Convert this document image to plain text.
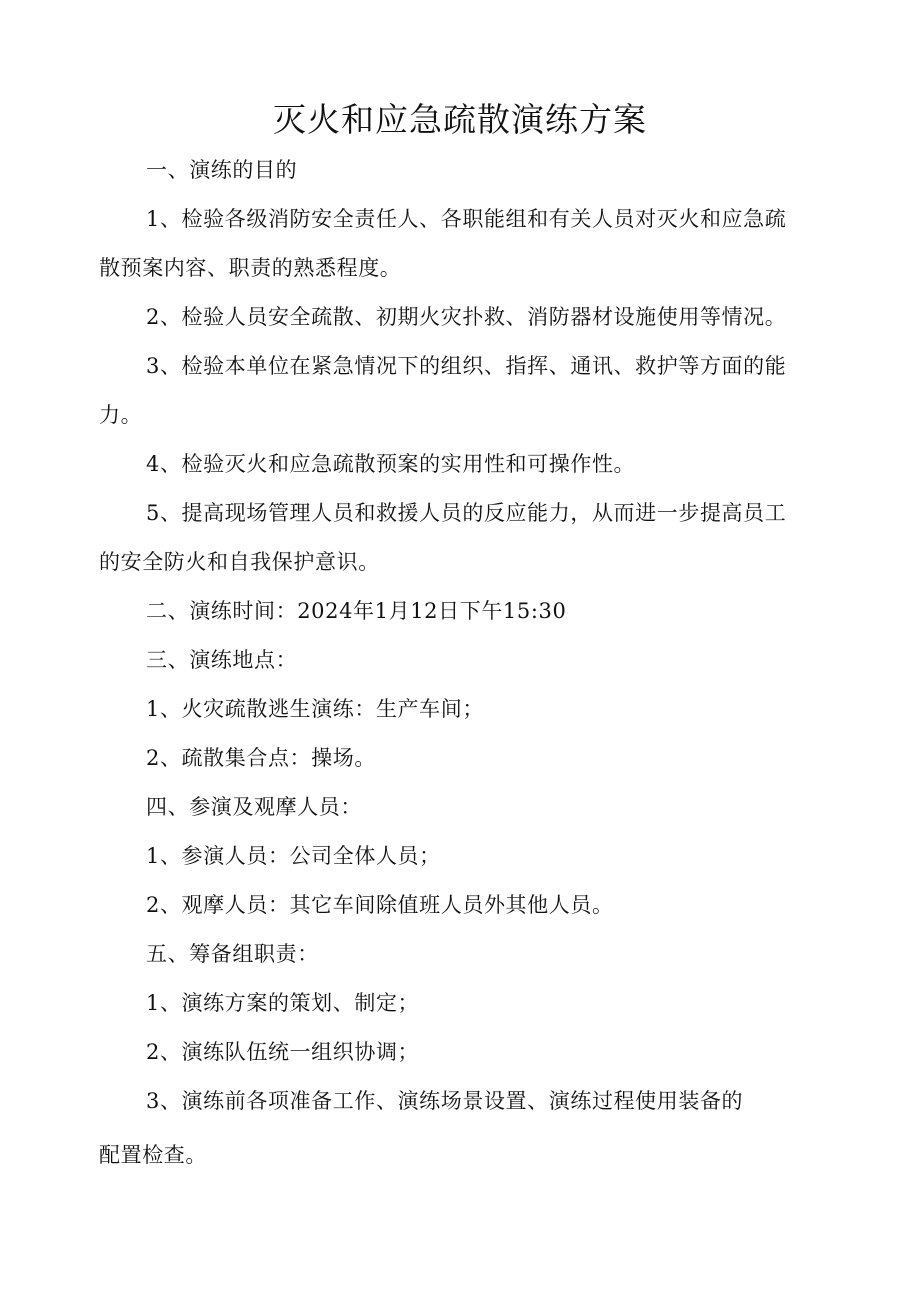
灭火和应急疏散演练方案
一、演练的目的
1、检验各级消防安全责任人、各职能组和有关人员对灭火和应急疏
散预案内容、职责的熟悉程度。
2、检验人员安全疏散、初期火灾扑救、消防器材设施使用等情况。
3、检验本单位在紧急情况下的组织、指挥、通讯、救护等方面的能
力。
4、检验灭火和应急疏散预案的实用性和可操作性。
5、提高现场管理人员和救援人员的反应能力，从而进一步提高员工
的安全防火和自我保护意识。
二、演练时间：2024年1月12日下午15:30
三、演练地点：
1、火灾疏散逃生演练：生产车间；
2、疏散集合点：操场。
四、参演及观摩人员：
1、参演人员：公司全体人员；
2、观摩人员：其它车间除值班人员外其他人员。
五、筹备组职责：
1、演练方案的策划、制定；
2、演练队伍统一组织协调；
3、演练前各项准备工作、演练场景设置、演练过程使用装备的
配置检查。
